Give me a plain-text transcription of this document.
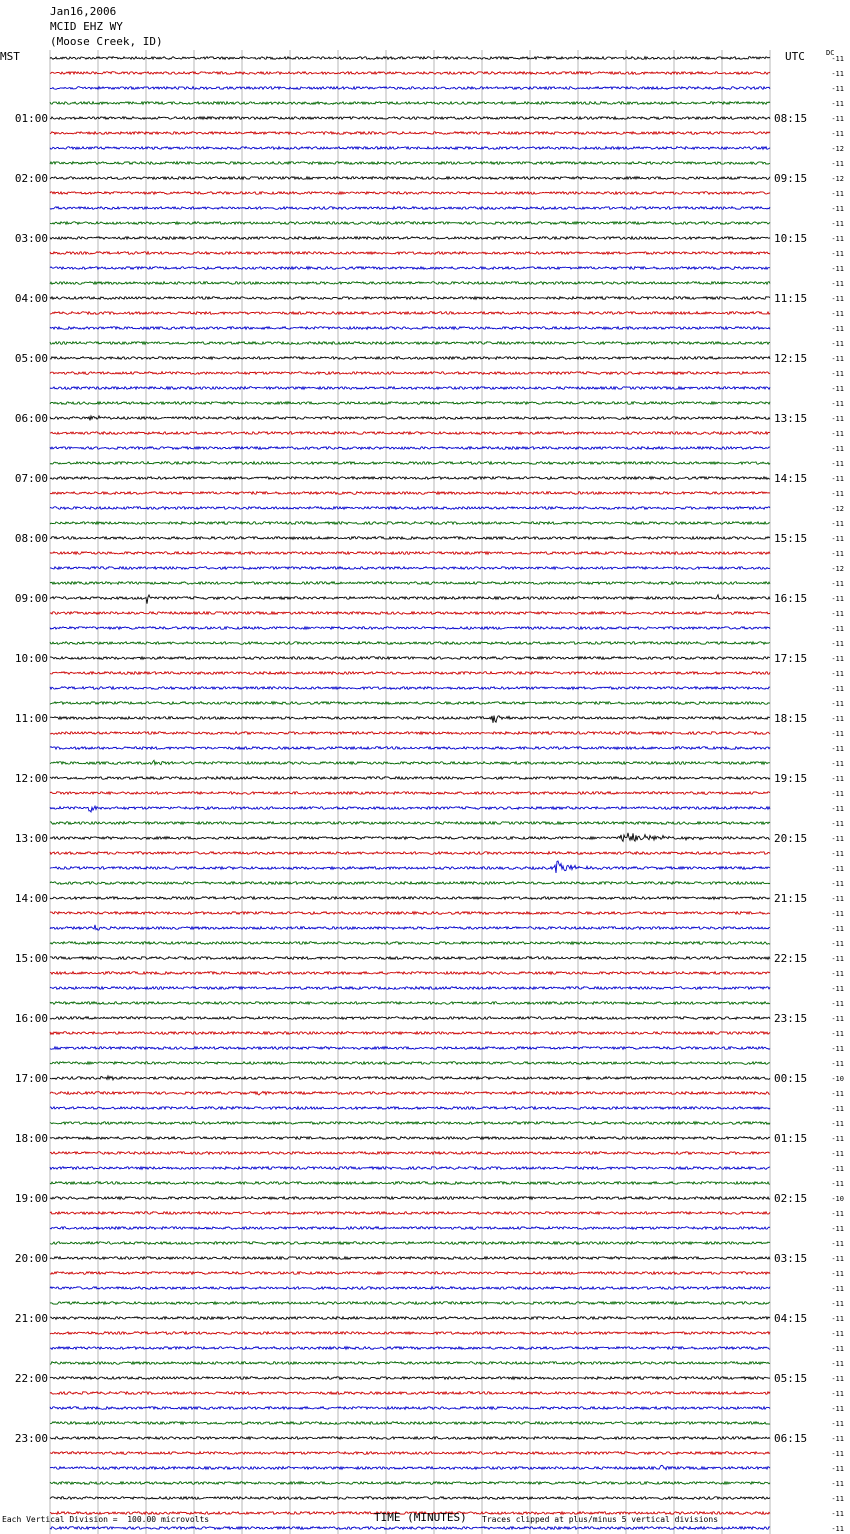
Jan16,2006
MCID EHZ WY
(Moose Creek, ID)
MST	UTC	DC
01:00
02:00
03:00
04:00
05:00
06:00
07:00
08:00
09:00
10:00
11:00
12:00
13:00
14:00
15:00
16:00
17:00
18:00
19:00
20:00
21:00
22:00
23:00
08:15
09:15
10:15
11:15
12:15
13:15
14:15
15:15
16:15
17:15
18:15
19:15
20:15
21:15
22:15
23:15
00:15
01:15
02:15
03:15
04:15
05:15
06:15
-11
-11
-11
-11
-11
-11
-12
-11
-12
-11
-11
-11
-11
-11
-11
-11
-11
-11
-11
-11
-11
-11
-11
-11
-11
-11
-11
-11
-11
-11
-12
-11
-11
-11
-12
-11
-11
-11
-11
-11
-11
-11
-11
-11
-11
-11
-11
-11
-11
-11
-11
-11
-11
-11
-11
-11
-11
-11
-11
-11
-11
-11
-11
-11
-11
-11
-11
-11
-10
-11
-11
-11
-11
-11
-11
-11
-10
-11
-11
-11
-11
-11
-11
-11
-11
-11
-11
-11
-11
-11
-11
-11
-11
-11
-11
-11
-11
-11
-11
Each Vertical Division =  100.00 microvolts	TIME (MINUTES) Traces clipped at plus/minus 5 vertical divisions
